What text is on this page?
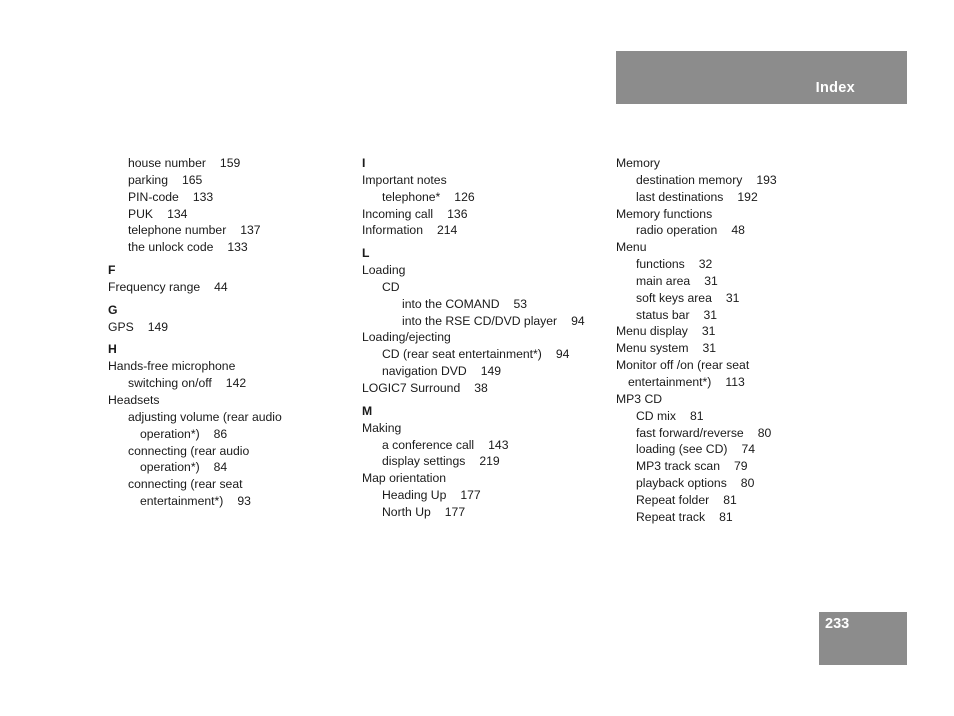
Index
house number 159
parking 165
PIN-code 133
PUK 134
telephone number 137
the unlock code 133
F
Frequency range 44
G
GPS 149
H
Hands-free microphone
switching on/off 142
Headsets
adjusting volume (rear audio
operation*) 86
connecting (rear audio
operation*) 84
connecting (rear seat
entertainment*) 93
I
Important notes
telephone* 126
Incoming call 136
Information 214
L
Loading
CD
into the COMAND 53
into the RSE CD/DVD player 94
Loading/ejecting
CD (rear seat entertainment*) 94
navigation DVD 149
LOGIC7 Surround 38
M
Making
a conference call 143
display settings 219
Map orientation
Heading Up 177
North Up 177
Memory
destination memory 193
last destinations 192
Memory functions
radio operation 48
Menu
functions 32
main area 31
soft keys area 31
status bar 31
Menu display 31
Menu system 31
Monitor off /on (rear seat
entertainment*) 113
MP3 CD
CD mix 81
fast forward/reverse 80
loading (see CD) 74
MP3 track scan 79
playback options 80
Repeat folder 81
Repeat track 81
233
